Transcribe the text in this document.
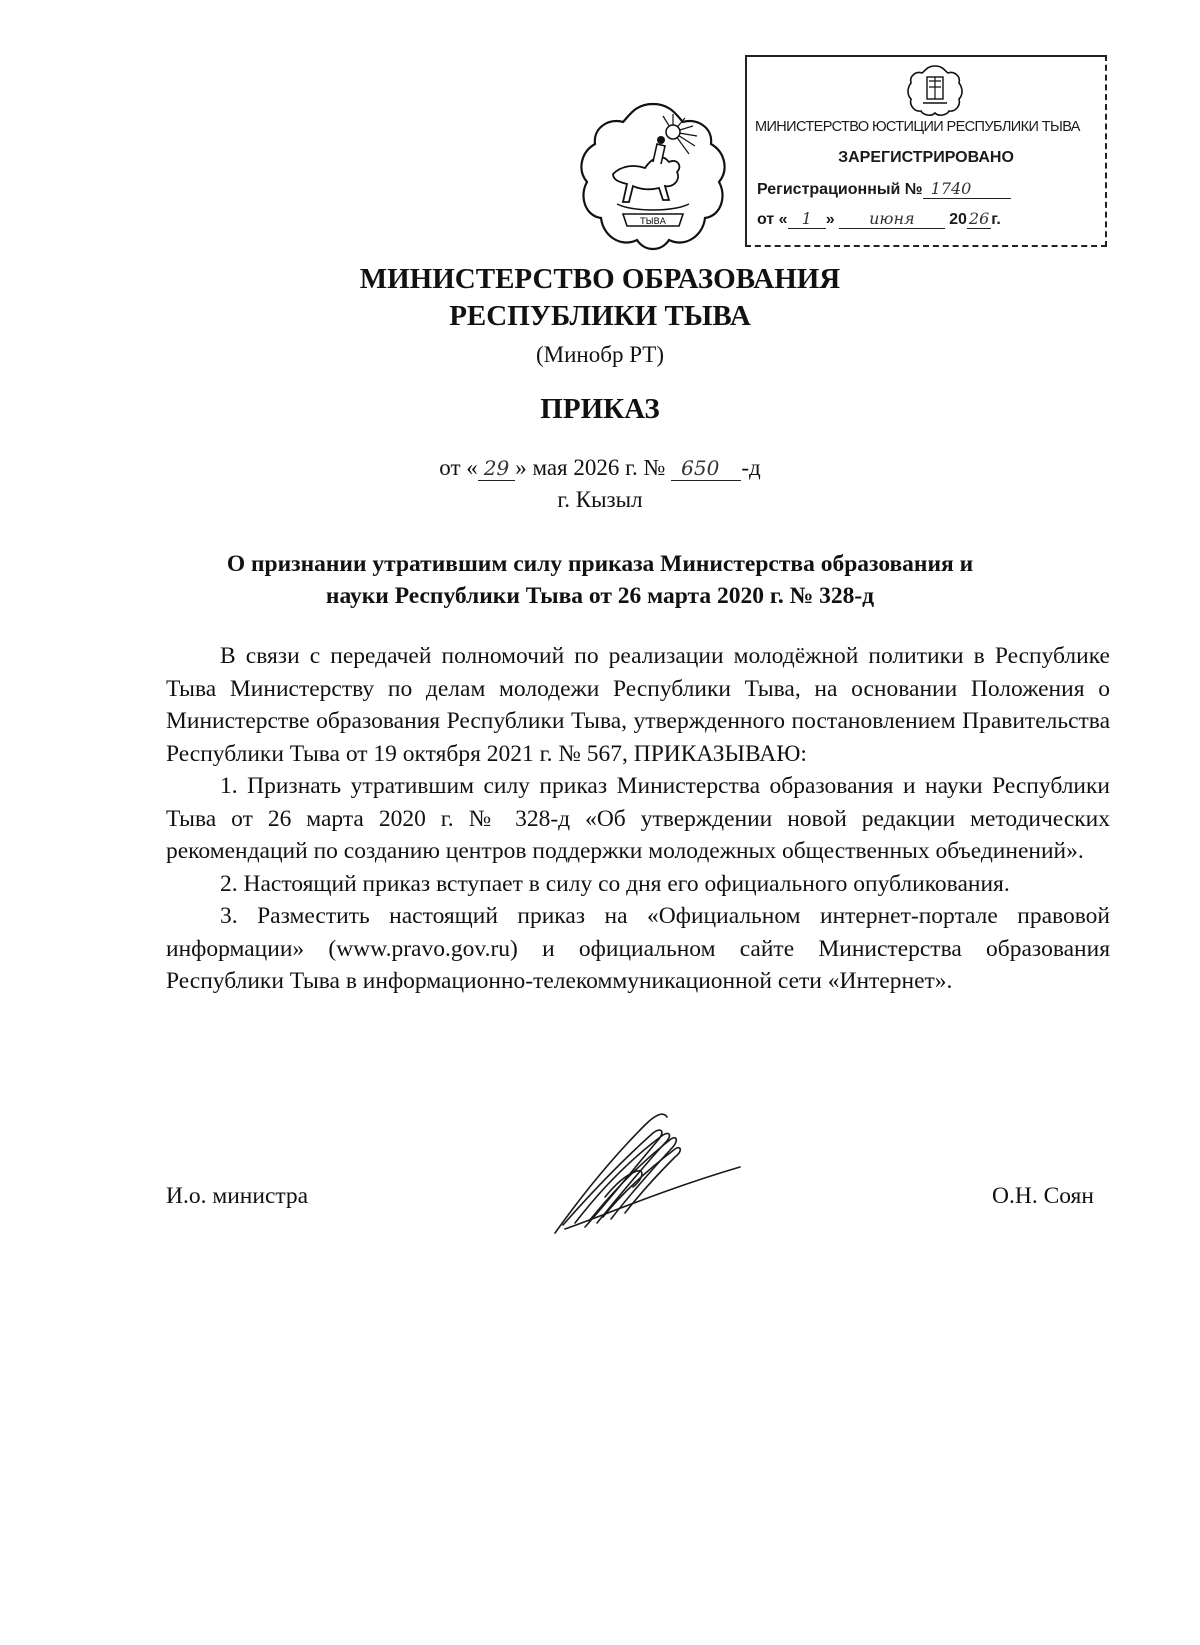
ТЫВА
МИНИСТЕРСТВО ЮСТИЦИИ РЕСПУБЛИКИ ТЫВА
ЗАРЕГИСТРИРОВАНО
Регистрационный № 1740
от « 1 » июня 20 26 г.
МИНИСТЕРСТВО ОБРАЗОВАНИЯ
РЕСПУБЛИКИ ТЫВА
(Минобр РТ)
ПРИКАЗ
от « 29 » мая 2026 г. № 650 -д
г. Кызыл
О признании утратившим силу приказа Министерства образования и
науки Республики Тыва от 26 марта 2020 г. № 328-д

В связи с передачей полномочий по реализации молодёжной политики в Республике Тыва Министерству по делам молодежи Республики Тыва, на основании Положения о Министерстве образования Республики Тыва, утвержденного постановлением Правительства Республики Тыва от 19 октября 2021 г. № 567, ПРИКАЗЫВАЮ:

1. Признать утратившим силу приказ Министерства образования и науки Республики Тыва от 26 марта 2020 г. № 328-д «Об утверждении новой редакции методических рекомендаций по созданию центров поддержки молодежных общественных объединений».

2. Настоящий приказ вступает в силу со дня его официального опубликования.

3. Разместить настоящий приказ на «Официальном интернет-портале правовой информации» (www.pravo.gov.ru) и официальном сайте Министерства образования Республики Тыва в информационно-телекоммуникационной сети «Интернет».

И.о. министра	О.Н. Соян
